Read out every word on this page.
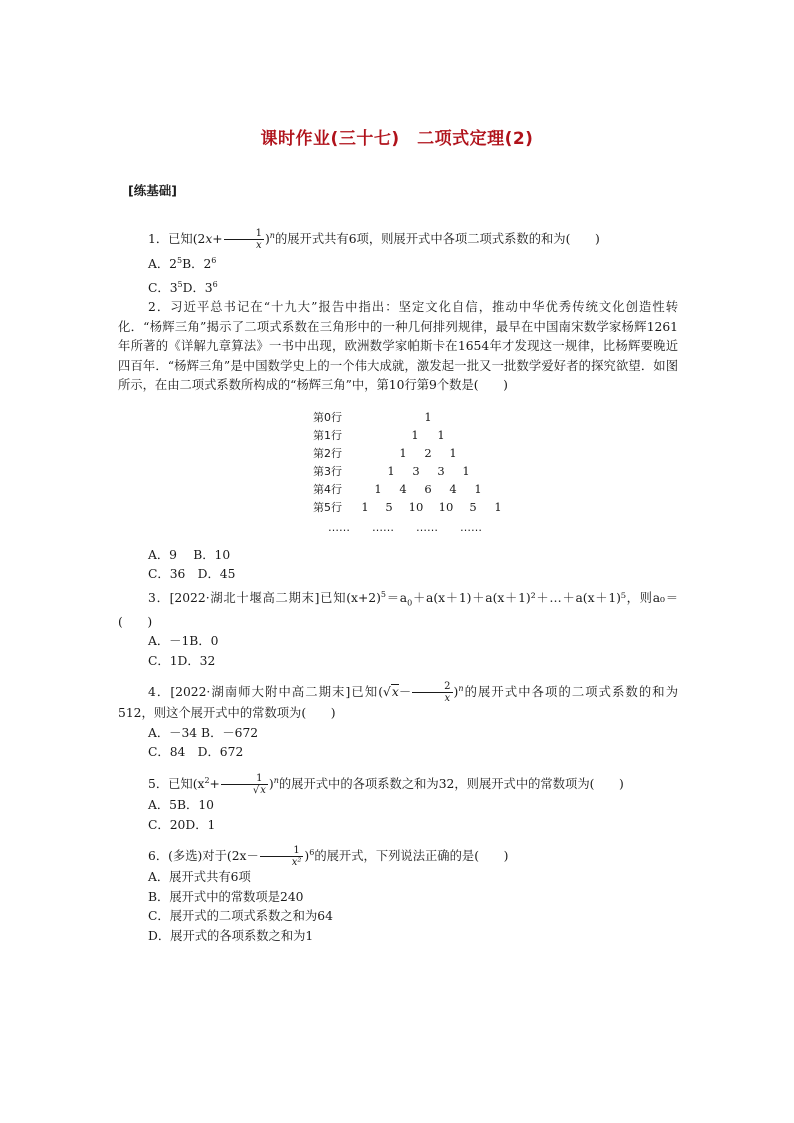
课时作业(三十七)　二项式定理(2)
[练基础]

1．已知$(2x+ \frac{1}{x} )^n$的展开式共有6项，则展开式中各项二项式系数的和为(　　)

A．$2^5B$．$2^6$

C．$3^5D$．$3^6$

2．习近平总书记在“十九大”报告中指出：坚定文化自信，推动中华优秀传统文化创造性转化．“杨辉三角”揭示了二项式系数在三角形中的一种几何排列规律，最早在中国南宋数学家杨辉1261年所著的《详解九章算法》一书中出现，欧洲数学家帕斯卡在1654年才发现这一规律，比杨辉要晚近四百年．“杨辉三角”是中国数学史上的一个伟大成就，激发起一批又一批数学爱好者的探究欲望．如图所示，在由二项式系数所构成的“杨辉三角”中，第10行第9个数是(　　)

第0行	1
第1行	1	1
第2行	1	2	1
第3行	1	3	3	1
第4行	1	4	6	4	1
第5行	1	5	10	10	5	1
……　　……　　……　　……

A．9　 B．10

C．36　D．45

3．[2022·湖北十堰高二期末]已知$(x+2)^5=a_0+a(x+1)+a(x+1)^2+\dots+a(x+1)^5$，则a₀＝(　　)

A．－1B．0

C．1D．32

4．[2022·湖南师大附中高二期末]已知$(√x- \frac{2}{x} )^n$的展开式中各项的二项式系数的和为512，则这个展开式中的常数项为(　　)

A．－34 B．－672

C．84　D．672

5．已知$(x^2+ \frac{1}{√x} )^n$的展开式中的各项系数之和为32，则展开式中的常数项为(　　)

A．5B．10

C．20D．1

6．(多选)对于$(2x- \frac{1}{\text{x²}} )^6$的展开式，下列说法正确的是(　　)

A．展开式共有6项

B．展开式中的常数项是240

C．展开式的二项式系数之和为64

D．展开式的各项系数之和为1
